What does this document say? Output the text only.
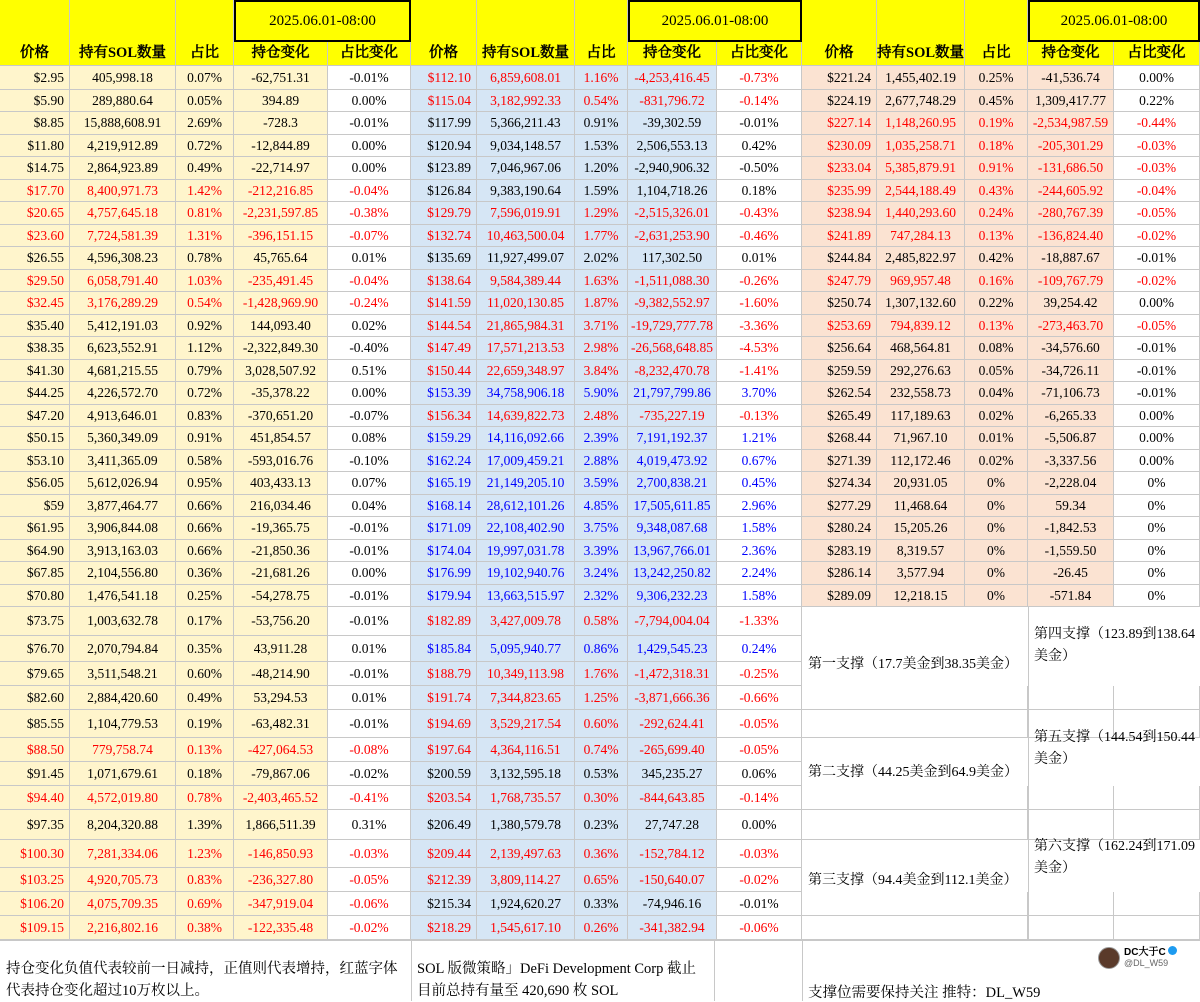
价格	持有SOL数量	占比	持仓变化	占比变化
2025.06.01-08:00
价格	持有SOL数量	占比	持仓变化	占比变化
2025.06.01-08:00
价格	持有SOL数量	占比	持仓变化	占比变化
2025.06.01-08:00
$2.95	405,998.18	0.07%	-62,751.31	-0.01%
$5.90	289,880.64	0.05%	394.89	0.00%
$8.85	15,888,608.91	2.69%	-728.3	-0.01%
$11.80	4,219,912.89	0.72%	-12,844.89	0.00%
$14.75	2,864,923.89	0.49%	-22,714.97	0.00%
$17.70	8,400,971.73	1.42%	-212,216.85	-0.04%
$20.65	4,757,645.18	0.81%	-2,231,597.85	-0.38%
$23.60	7,724,581.39	1.31%	-396,151.15	-0.07%
$26.55	4,596,308.23	0.78%	45,765.64	0.01%
$29.50	6,058,791.40	1.03%	-235,491.45	-0.04%
$32.45	3,176,289.29	0.54%	-1,428,969.90	-0.24%
$35.40	5,412,191.03	0.92%	144,093.40	0.02%
$38.35	6,623,552.91	1.12%	-2,322,849.30	-0.40%
$41.30	4,681,215.55	0.79%	3,028,507.92	0.51%
$44.25	4,226,572.70	0.72%	-35,378.22	0.00%
$47.20	4,913,646.01	0.83%	-370,651.20	-0.07%
$50.15	5,360,349.09	0.91%	451,854.57	0.08%
$53.10	3,411,365.09	0.58%	-593,016.76	-0.10%
$56.05	5,612,026.94	0.95%	403,433.13	0.07%
$59	3,877,464.77	0.66%	216,034.46	0.04%
$61.95	3,906,844.08	0.66%	-19,365.75	-0.01%
$64.90	3,913,163.03	0.66%	-21,850.36	-0.01%
$67.85	2,104,556.80	0.36%	-21,681.26	0.00%
$70.80	1,476,541.18	0.25%	-54,278.75	-0.01%
$73.75	1,003,632.78	0.17%	-53,756.20	-0.01%
$76.70	2,070,794.84	0.35%	43,911.28	0.01%
$79.65	3,511,548.21	0.60%	-48,214.90	-0.01%
$82.60	2,884,420.60	0.49%	53,294.53	0.01%
$85.55	1,104,779.53	0.19%	-63,482.31	-0.01%
$88.50	779,758.74	0.13%	-427,064.53	-0.08%
$91.45	1,071,679.61	0.18%	-79,867.06	-0.02%
$94.40	4,572,019.80	0.78%	-2,403,465.52	-0.41%
$97.35	8,204,320.88	1.39%	1,866,511.39	0.31%
$100.30	7,281,334.06	1.23%	-146,850.93	-0.03%
$103.25	4,920,705.73	0.83%	-236,327.80	-0.05%
$106.20	4,075,709.35	0.69%	-347,919.04	-0.06%
$109.15	2,216,802.16	0.38%	-122,335.48	-0.02%
$112.10	6,859,608.01	1.16%	-4,253,416.45	-0.73%
$115.04	3,182,992.33	0.54%	-831,796.72	-0.14%
$117.99	5,366,211.43	0.91%	-39,302.59	-0.01%
$120.94	9,034,148.57	1.53%	2,506,553.13	0.42%
$123.89	7,046,967.06	1.20%	-2,940,906.32	-0.50%
$126.84	9,383,190.64	1.59%	1,104,718.26	0.18%
$129.79	7,596,019.91	1.29%	-2,515,326.01	-0.43%
$132.74	10,463,500.04	1.77%	-2,631,253.90	-0.46%
$135.69	11,927,499.07	2.02%	117,302.50	0.01%
$138.64	9,584,389.44	1.63%	-1,511,088.30	-0.26%
$141.59	11,020,130.85	1.87%	-9,382,552.97	-1.60%
$144.54	21,865,984.31	3.71% -19,729,777.78	-3.36%
$147.49	17,571,213.53	2.98% -26,568,648.85	-4.53%
$150.44	22,659,348.97	3.84%	-8,232,470.78	-1.41%
$153.39	34,758,906.18	5.90%	21,797,799.86	3.70%
$156.34	14,639,822.73	2.48%	-735,227.19	-0.13%
$159.29	14,116,092.66	2.39%	7,191,192.37	1.21%
$162.24	17,009,459.21	2.88%	4,019,473.92	0.67%
$165.19	21,149,205.10	3.59%	2,700,838.21	0.45%
$168.14	28,612,101.26	4.85%	17,505,611.85	2.96%
$171.09	22,108,402.90	3.75%	9,348,087.68	1.58%
$174.04	19,997,031.78	3.39%	13,967,766.01	2.36%
$176.99	19,102,940.76	3.24%	13,242,250.82	2.24%
$179.94	13,663,515.97	2.32%	9,306,232.23	1.58%
$182.89	3,427,009.78	0.58%	-7,794,004.04	-1.33%
$185.84	5,095,940.77	0.86%	1,429,545.23	0.24%
$188.79	10,349,113.98	1.76%	-1,472,318.31	-0.25%
$191.74	7,344,823.65	1.25%	-3,871,666.36	-0.66%
$194.69	3,529,217.54	0.60%	-292,624.41	-0.05%
$197.64	4,364,116.51	0.74%	-265,699.40	-0.05%
$200.59	3,132,595.18	0.53%	345,235.27	0.06%
$203.54	1,768,735.57	0.30%	-844,643.85	-0.14%
$206.49	1,380,579.78	0.23%	27,747.28	0.00%
$209.44	2,139,497.63	0.36%	-152,784.12	-0.03%
$212.39	3,809,114.27	0.65%	-150,640.07	-0.02%
$215.34	1,924,620.27	0.33%	-74,946.16	-0.01%
$218.29	1,545,617.10	0.26%	-341,382.94	-0.06%
$221.24	1,455,402.19	0.25%	-41,536.74	0.00%
$224.19	2,677,748.29	0.45%	1,309,417.77	0.22%
$227.14	1,148,260.95	0.19%	-2,534,987.59	-0.44%
$230.09	1,035,258.71	0.18%	-205,301.29	-0.03%
$233.04	5,385,879.91	0.91%	-131,686.50	-0.03%
$235.99	2,544,188.49	0.43%	-244,605.92	-0.04%
$238.94	1,440,293.60	0.24%	-280,767.39	-0.05%
$241.89	747,284.13	0.13%	-136,824.40	-0.02%
$244.84	2,485,822.97	0.42%	-18,887.67	-0.01%
$247.79	969,957.48	0.16%	-109,767.79	-0.02%
$250.74	1,307,132.60	0.22%	39,254.42	0.00%
$253.69	794,839.12	0.13%	-273,463.70	-0.05%
$256.64	468,564.81	0.08%	-34,576.60	-0.01%
$259.59	292,276.63	0.05%	-34,726.11	-0.01%
$262.54	232,558.73	0.04%	-71,106.73	-0.01%
$265.49	117,189.63	0.02%	-6,265.33	0.00%
$268.44	71,967.10	0.01%	-5,506.87	0.00%
$271.39	112,172.46	0.02%	-3,337.56	0.00%
$274.34	20,931.05	0%	-2,228.04	0%
$277.29	11,468.64	0%	59.34	0%
$280.24	15,205.26	0%	-1,842.53	0%
$283.19	8,319.57	0%	-1,559.50	0%
$286.14	3,577.94	0%	-26.45	0%
$289.09	12,218.15	0%	-571.84	0%
第一支撑（17.7美金到38.35美金）
第二支撑（44.25美金到64.9美金）
第三支撑（94.4美金到112.1美金）
第四支撑（123.89到138.64美金）
第五支撑（144.54到150.44美金）
第六支撑（162.24到171.09美金）
持仓变化负值代表较前一日减持，正值则代表增持，红蓝字体代表持仓变化超过10万枚以上。
SOL 版微策略」DeFi Development Corp 截止目前总持有量至 420,690 枚 SOL	支撑位需要保持关注 推特：DL_W59
DC大于C
@DL_W59
